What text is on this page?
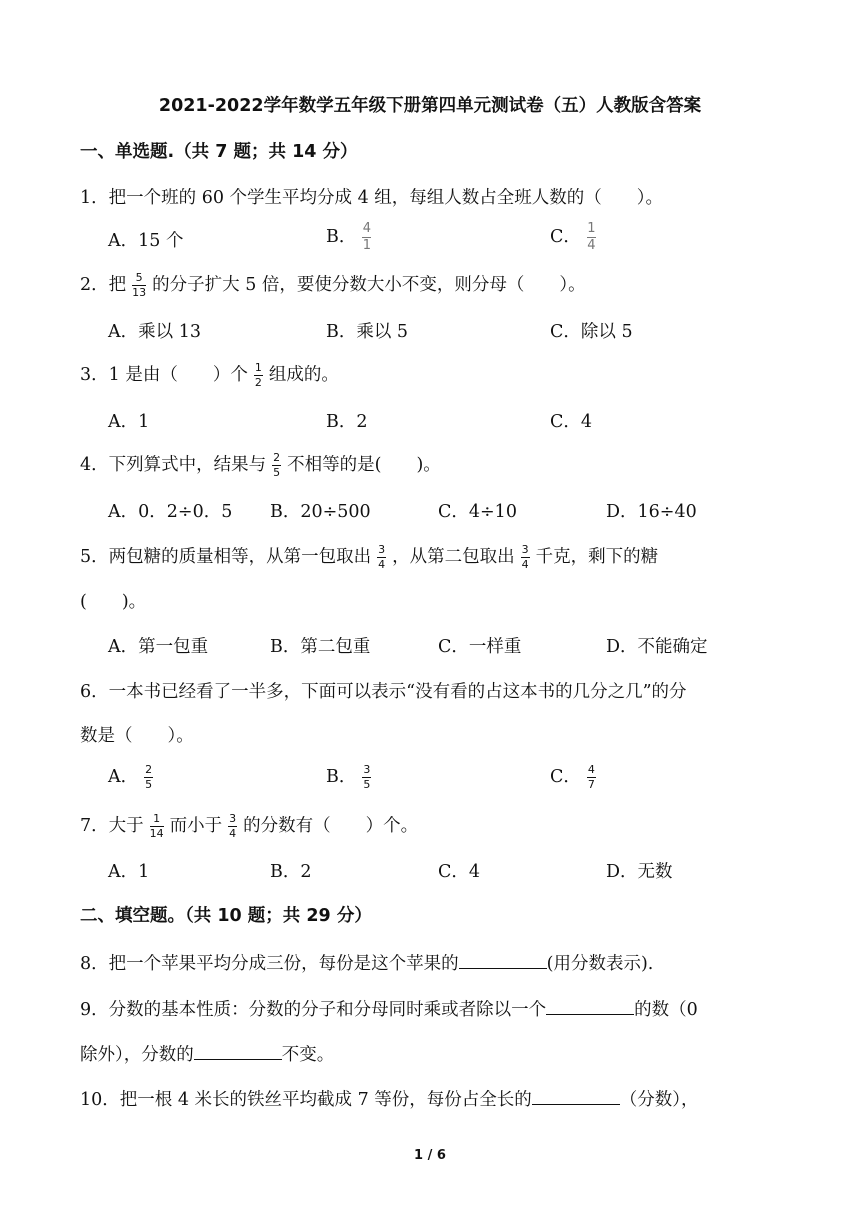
2021-2022学年数学五年级下册第四单元测试卷（五）人教版含答案
一、单选题.（共 7 题；共 14 分）
1．把一个班的 60 个学生平均分成 4 组，每组人数占全班人数的（　　）。
A．15 个	B． $\frac{4}{1}$	C． $\frac{1}{4}$
2．把 $\frac{5}{13}$ 的分子扩大 5 倍，要使分数大小不变，则分母（　　）。
A．乘以 13	B．乘以 5	C．除以 5
3．1 是由（　　）个 $\frac{1}{2}$ 组成的。
A．1	B．2	C．4
4．下列算式中，结果与 $\frac{2}{5}$ 不相等的是(　　)。
A．0．2÷0．5 B．20÷500	C．4÷10	D．16÷40
5．两包糖的质量相等，从第一包取出 $\frac{3}{4}$ ，从第二包取出 $\frac{3}{4}$ 千克，剩下的糖
(　　)。
A．第一包重	B．第二包重	C．一样重	D．不能确定
6．一本书已经看了一半多，下面可以表示“没有看的占这本书的几分之几”的分
数是（　　）。
A． $\frac{2}{5}$	B． $\frac{3}{5}$	C． $\frac{4}{7}$
7．大于 $\frac{1}{14}$ 而小于 $\frac{3}{4}$ 的分数有（　　）个。
A．1	B．2	C．4	D．无数
二、填空题。（共 10 题；共 29 分）
8．把一个苹果平均分成三份，每份是这个苹果的	(用分数表示).
9．分数的基本性质：分数的分子和分母同时乘或者除以一个	的数（0
除外），分数的	不变。
10．把一根 4 米长的铁丝平均截成 7 等份，每份占全长的	（分数），
1 / 6
